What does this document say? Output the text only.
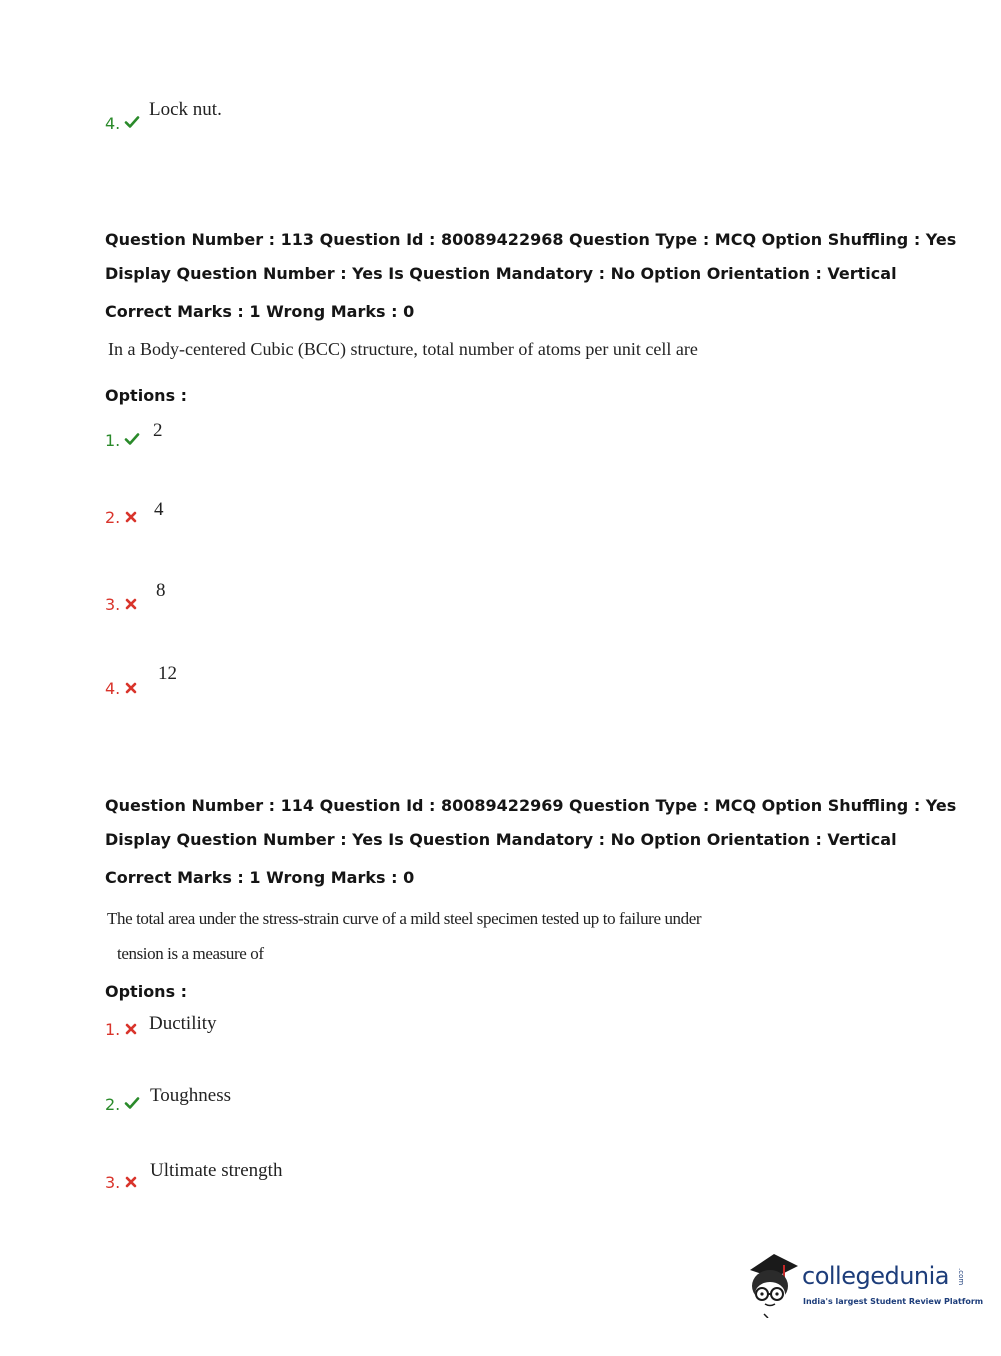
4.
Lock nut.
Question Number : 113 Question Id : 80089422968 Question Type : MCQ Option Shuffling : Yes
Display Question Number : Yes Is Question Mandatory : No Option Orientation : Vertical
Correct Marks : 1 Wrong Marks : 0
In a Body-centered Cubic (BCC) structure, total number of atoms per unit cell are
Options :
1.	2
2.	4
3.
8
4.
12
Question Number : 114 Question Id : 80089422969 Question Type : MCQ Option Shuffling : Yes
Display Question Number : Yes Is Question Mandatory : No Option Orientation : Vertical
Correct Marks : 1 Wrong Marks : 0
The total area under the stress-strain curve of a mild steel specimen tested up to failure under
tension is a measure of
Options :
1.	Ductility
2.	Toughness
3.
Ultimate strength
collegedunia .com
India's largest Student Review Platform
